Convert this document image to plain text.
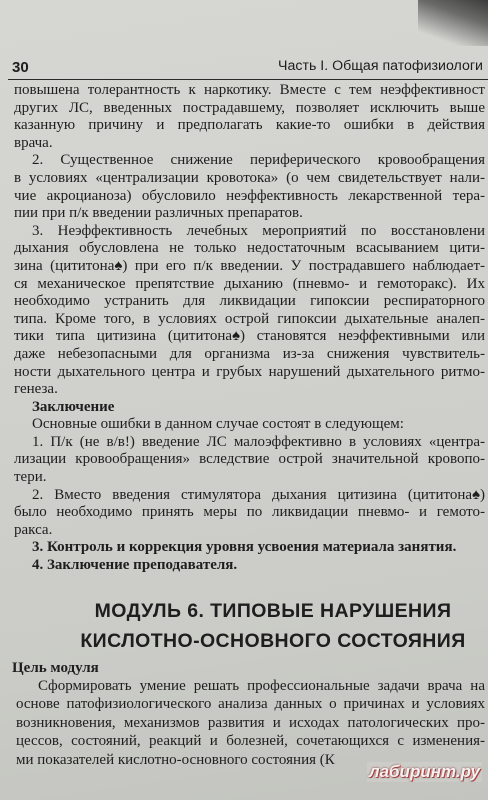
30	Часть I. Общая патофизиологи
повышена толерантность к наркотику. Вместе с тем неэффективност
других ЛС, введенных пострадавшему, позволяет исключить выше
казанную причину и предполагать какие-то ошибки в действия
врача.
2. Существенное снижение периферического кровообращения
в условиях «централизации кровотока» (о чем свидетельствует нали-
чие акроцианоза) обусловило неэффективность лекарственной тера-
пии при п/к введении различных препаратов.
3. Неэффективность лечебных мероприятий по восстановлени
дыхания обусловлена не только недостаточным всасыванием цити-
зина (цититона♠) при его п/к введении. У пострадавшего наблюдает-
ся механическое препятствие дыханию (пневмо- и гемоторакс). Их
необходимо устранить для ликвидации гипоксии респираторного
типа. Кроме того, в условиях острой гипоксии дыхательные аналеп-
тики типа цитизина (цититона♠) становятся неэффективными или
даже небезопасными для организма из-за снижения чувствитель-
ности дыхательного центра и грубых нарушений дыхательного ритмо-
генеза.
Заключение
Основные ошибки в данном случае состоят в следующем:
1. П/к (не в/в!) введение ЛС малоэффективно в условиях «центра-
лизации кровообращения» вследствие острой значительной кровопо-
тери.
2. Вместо введения стимулятора дыхания цитизина (цититона♠)
было необходимо принять меры по ликвидации пневмо- и гемото-
ракса.
3. Контроль и коррекция уровня усвоения материала занятия.
4. Заключение преподавателя.
МОДУЛЬ 6. ТИПОВЫЕ НАРУШЕНИЯ
КИСЛОТНО-ОСНОВНОГО СОСТОЯНИЯ
Цель модуля
Сформировать умение решать профессиональные задачи врача на
основе патофизиологического анализа данных о причинах и условиях
возникновения, механизмов развития и исходах патологических про-
цессов, состояний, реакций и болезней, сочетающихся с изменения-
ми показателей кислотно-основного состояния (К
лабиринт.ру
